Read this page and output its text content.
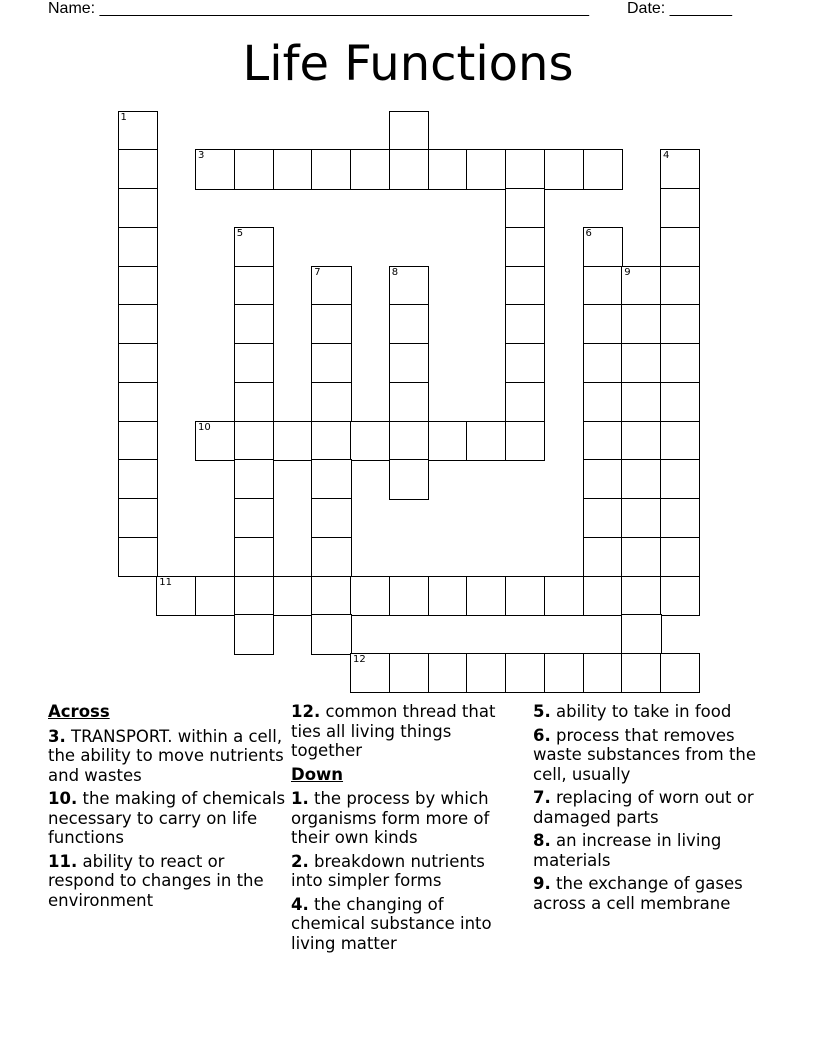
Name: _______________________________________________________ Date: _______
Life Functions
1
3	4
5	6
7	8	9
10
11
12
Across
3. TRANSPORT. within a cell, the ability to move nutrients and wastes
10. the making of chemicals necessary to carry on life functions
11. ability to react or respond to changes in the environment
12. common thread that ties all living things together
Down
1. the process by which organisms form more of their own kinds
2. breakdown nutrients into simpler forms
4. the changing of chemical substance into living matter
5. ability to take in food
6. process that removes waste substances from the cell, usually
7. replacing of worn out or damaged parts
8. an increase in living materials
9. the exchange of gases across a cell membrane
